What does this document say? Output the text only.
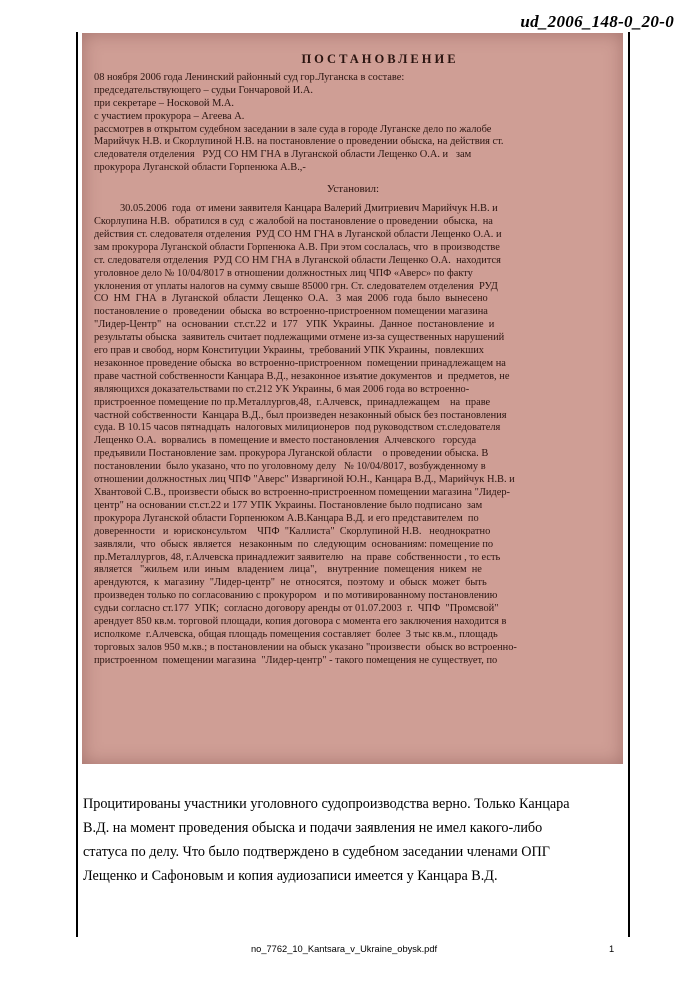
ud_2006_148-0_20-0
ПОСТАНОВЛЕНИЕ
08 ноября 2006 года Ленинский районный суд гор.Луганска в составе:
председательствующего – судьи Гончаровой И.А.
при секретаре – Носковой М.А.
с участием прокурора – Агеева А.
рассмотрев в открытом судебном заседании в зале суда в городе Луганске дело по жалобе
Марийчук Н.В. и Скорлупиной Н.В. на постановление о проведении обыска, на действия ст.
следователя отделения   РУД СО НМ ГНА в Луганской области Лещенко О.А. и   зам
прокурора Луганской области Горпенюка А.В.,-
Установил:
30.05.2006  года  от имени заявителя Канцара Валерий Дмитриевич Марийчук Н.В. и
Скорлупина Н.В.  обратился в суд  с жалобой на постановление о проведении  обыска,  на
действия ст. следователя отделения  РУД СО НМ ГНА в Луганской области Лещенко О.А. и
зам прокурора Луганской области Горпенюка А.В. При этом сослалась, что  в производстве
ст. следователя отделения  РУД СО НМ ГНА в Луганской области Лещенко О.А.  находится
уголовное дело № 10/04/8017 в отношении должностных лиц ЧПФ «Аверс» по факту
уклонения от уплаты налогов на сумму свыше 85000 грн. Ст. следователем отделения  РУД
СО  НМ  ГНА  в  Луганской  области  Лещенко  О.А.   3  мая  2006  года  было  вынесено
постановление о  проведении  обыска  во встроенно-пристроенном помещении магазина
"Лидер-Центр"  на  основании  ст.ст.22  и  177   УПК  Украины.  Данное  постановление  и
результаты обыска  заявитель считает подлежащими отмене из-за существенных нарушений
его прав и свобод, норм Конституции Украины,  требований УПК Украины,  повлекших
незаконное проведение обыска  во встроенно-пристроенном  помещении принадлежащем на
праве частной собственности Канцара В.Д., незаконное изъятие документов  и  предметов, не
являющихся доказательствами по ст.212 УК Украины, 6 мая 2006 года во встроенно-
пристроенное помещение по пр.Металлургов,48,  г.Алчевск,  принадлежащем    на  праве
частной собственности  Канцара В.Д., был произведен незаконный обыск без постановления
суда. В 10.15 часов пятнадцать  налоговых милиционеров  под руководством ст.следователя
Лещенко О.А.  ворвались  в помещение и вместо постановления  Алчевского   горсуда
предъявили Постановление зам. прокурора Луганской области    о проведении обыска. В
постановлении  было указано, что по уголовному делу   № 10/04/8017, возбужденному в
отношении должностных лиц ЧПФ "Аверс" Изваргиной Ю.Н., Канцара В.Д., Марийчук Н.В. и
Хвантовой С.В., произвести обыск во встроенно-пристроенном помещении магазина "Лидер-
центр" на основании ст.ст.22 и 177 УПК Украины. Постановление было подписано  зам
прокурора Луганской области Горпенюком А.В.Канцара В.Д. и его представителем  по
доверенности   и  юрисконсультом    ЧПФ  "Каллиста"  Скорлупиной Н.В.   неоднократно
заявляли,  что  обыск  является   незаконным  по  следующим  основаниям: помещение по
пр.Металлургов, 48, г.Алчевска принадлежит заявителю   на  праве  собственности , то есть
является   "жильем  или  иным   владением  лица",    внутренние  помещения  никем  не
арендуются,  к  магазину  "Лидер-центр"  не  относятся,  поэтому  и  обыск  может  быть
произведен только по согласованию с прокурором   и по мотивированному постановлению
судьи согласно ст.177  УПК;  согласно договору аренды от 01.07.2003  г.  ЧПФ  "Промсвой"
арендует 850 кв.м. торговой площади, копия договора с момента его заключения находится в
исполкоме  г.Алчевска, общая площадь помещения составляет  более  3 тыс кв.м., площадь
торговых залов 950 м.кв.; в постановлении на обыск указано "произвести  обыск во встроенно-
пристроенном  помещении магазина  "Лидер-центр" - такого помещения не существует, по
Процитированы участники уголовного судопроизводства верно. Только Канцара
В.Д. на момент проведения обыска и подачи заявления не имел какого-либо
статуса по делу. Что было подтверждено в судебном заседании членами ОПГ
Лещенко и Сафоновым и копия аудиозаписи имеется у Канцара В.Д.
no_7762_10_Kantsara_v_Ukraine_obysk.pdf	1
